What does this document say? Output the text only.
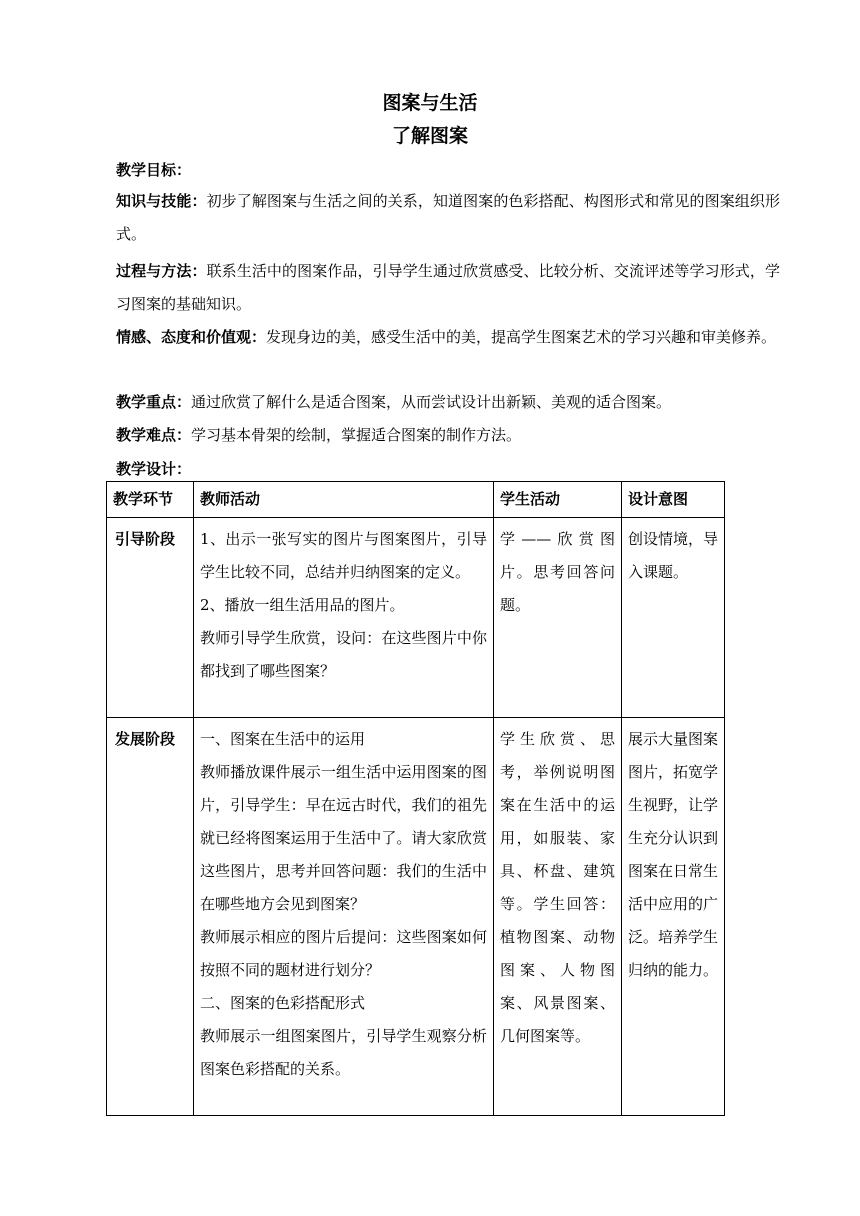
图案与生活
了解图案
教学目标：
知识与技能：初步了解图案与生活之间的关系，知道图案的色彩搭配、构图形式和常见的图案组织形式。
过程与方法：联系生活中的图案作品，引导学生通过欣赏感受、比较分析、交流评述等学习形式，学习图案的基础知识。
情感、态度和价值观：发现身边的美，感受生活中的美，提高学生图案艺术的学习兴趣和审美修养。
教学重点：通过欣赏了解什么是适合图案，从而尝试设计出新颖、美观的适合图案。
教学难点：学习基本骨架的绘制，掌握适合图案的制作方法。
教学设计：
教学环节	教师活动	学生活动	设计意图
引导阶段	1、出示一张写实的图片与图案图片，引导学生比较不同，总结并归纳图案的定义。
2、播放一组生活用品的图片。
教师引导学生欣赏，设问：在这些图片中你都找到了哪些图案？	学——欣赏图片。思考回答问题。	创设情境，导入课题。
发展阶段	一、图案在生活中的运用
教师播放课件展示一组生活中运用图案的图片，引导学生：早在远古时代，我们的祖先就已经将图案运用于生活中了。请大家欣赏这些图片，思考并回答问题：我们的生活中在哪些地方会见到图案？
教师展示相应的图片后提问：这些图案如何按照不同的题材进行划分？
二、图案的色彩搭配形式
教师展示一组图案图片，引导学生观察分析图案色彩搭配的关系。	学生欣赏、思考，举例说明图案在生活中的运用，如服装、家具、杯盘、建筑等。学生回答：植物图案、动物图案、人物图案、风景图案、几何图案等。	展示大量图案图片，拓宽学生视野，让学生充分认识到图案在日常生活中应用的广泛。培养学生归纳的能力。
